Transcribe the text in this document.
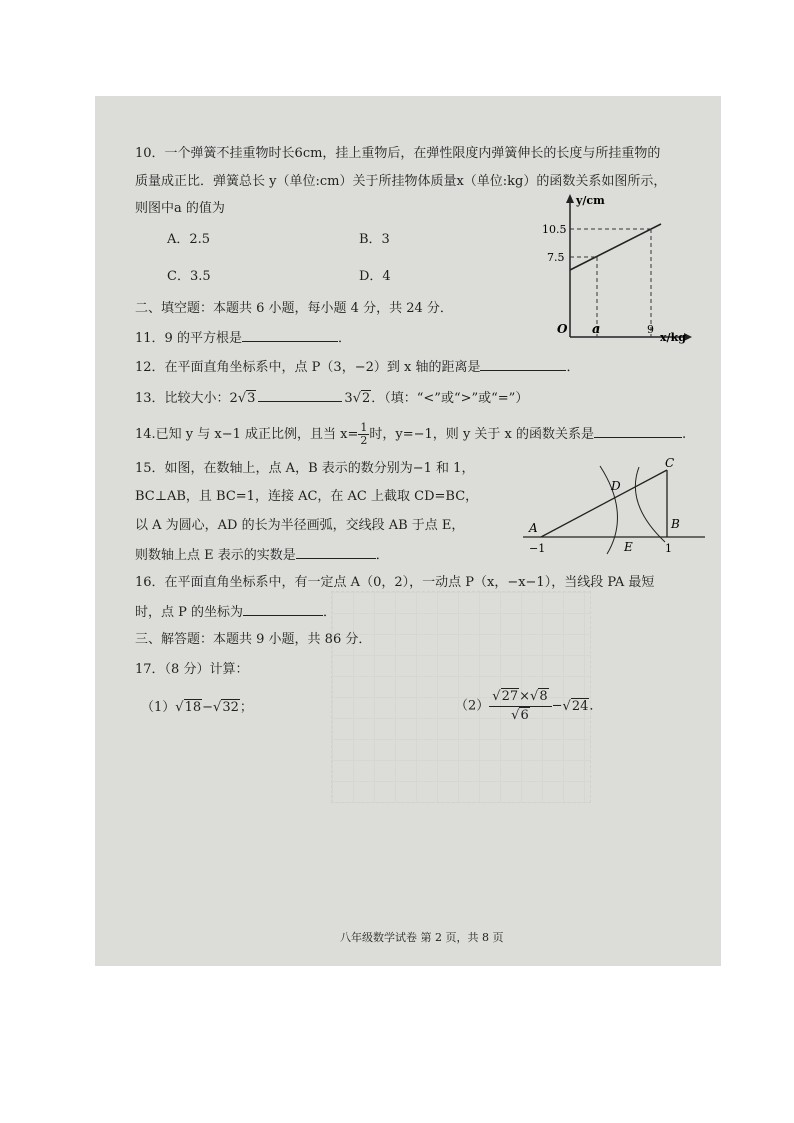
10．一个弹簧不挂重物时长6cm，挂上重物后，在弹性限度内弹簧伸长的长度与所挂重物的
质量成正比．弹簧总长 y（单位:cm）关于所挂物体质量x（单位:kg）的函数关系如图所示，
则图中a 的值为
A．2.5	B．3
C．3.5	D．4
y/cm
x/kg
O
10.5
7.5
a	9
二、填空题：本题共 6 小题，每小题 4 分，共 24 分．
11．9 的平方根是	．
12．在平面直角坐标系中，点 P（3，−2）到 x 轴的距离是	．
13．比较大小：2√3	3√2．（填：“<”或“>”或“=”）
14.已知 y 与 x−1 成正比例，且当 $x= \frac{1}{2}$ 时，y=−1，则 y 关于 x 的函数关系是	.
15．如图，在数轴上，点 A，B 表示的数分别为−1 和 1，
BC⊥AB，且 BC=1，连接 AC，在 AC 上截取 CD=BC，
以 A 为圆心，AD 的长为半径画弧，交线段 AB 于点 E，
则数轴上点 E 表示的实数是	．
A	B
C
D
E
−1	1
16．在平面直角坐标系中，有一定点 A（0，2），一动点 P（x，−x−1），当线段 PA 最短
时，点 P 的坐标为	．
三、解答题：本题共 9 小题，共 86 分．
17．（8 分）计算：
（1）√18−√32；	$(2) \frac{√27\times√8}{√6} -√24$．
八年级数学试卷 第 2 页，共 8 页
